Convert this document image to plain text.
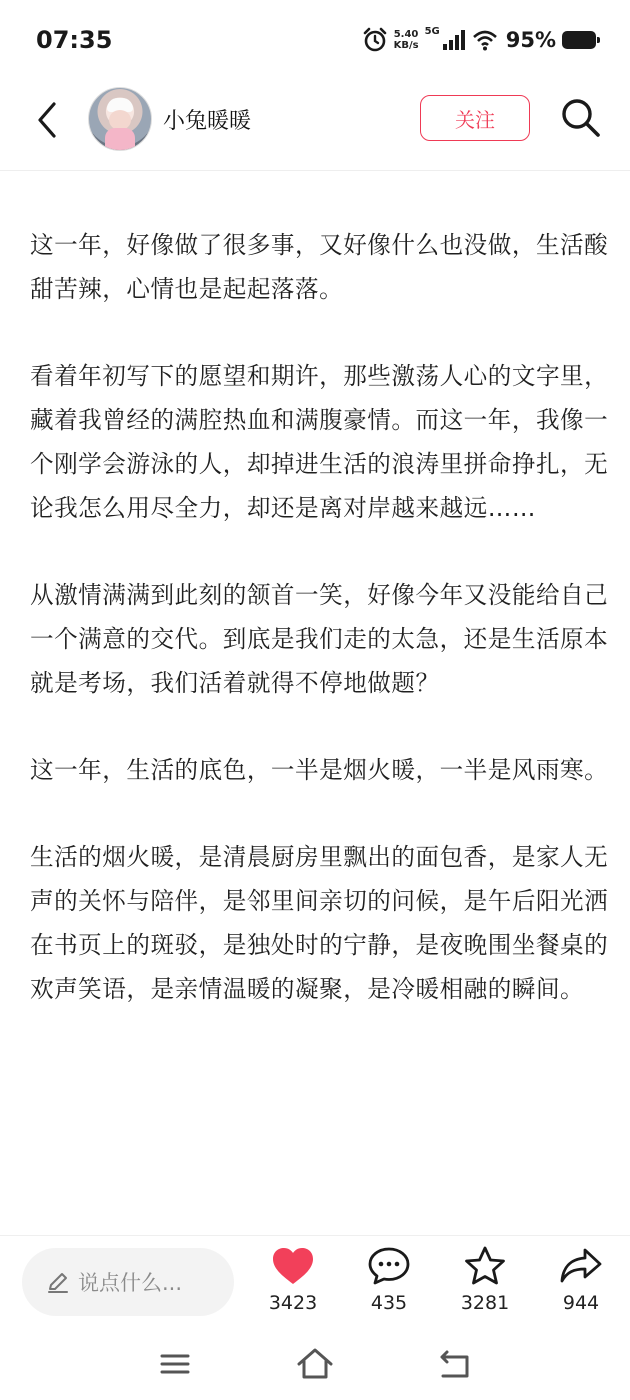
07:35	5.40
KB/s
5G	95%
小兔暖暖	关注

这一年，好像做了很多事，又好像什么也没做，生活酸甜苦辣，心情也是起起落落。

看着年初写下的愿望和期许，那些激荡人心的文字里，藏着我曾经的满腔热血和满腹豪情。而这一年，我像一个刚学会游泳的人，却掉进生活的浪涛里拼命挣扎，无论我怎么用尽全力，却还是离对岸越来越远……

从激情满满到此刻的颔首一笑，好像今年又没能给自己一个满意的交代。到底是我们走的太急，还是生活原本就是考场，我们活着就得不停地做题？

这一年，生活的底色，一半是烟火暖，一半是风雨寒。

生活的烟火暖，是清晨厨房里飘出的面包香，是家人无声的关怀与陪伴，是邻里间亲切的问候，是午后阳光洒在书页上的斑驳，是独处时的宁静，是夜晚围坐餐桌的欢声笑语，是亲情温暖的凝聚，是冷暖相融的瞬间。

说点什么...
3423	435	3281	944
